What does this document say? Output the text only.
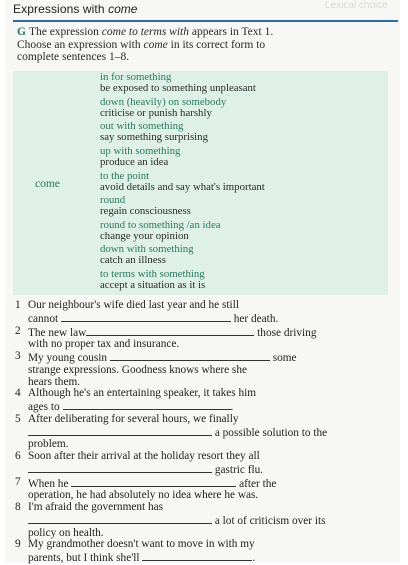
Expressions with come	Lexical choice
G The expression come to terms with appears in Text 1.
Choose an expression with come in its correct form to
complete sentences 1–8.
come
in for something
be exposed to something unpleasant
down (heavily) on somebody
criticise or punish harshly
out with something
say something surprising
up with something
produce an idea
to the point
avoid details and say what's important
round
regain consciousness
round to something /an idea
change your opinion
down with something
catch an illness
to terms with something
accept a situation as it is
1 Our neighbour's wife died last year and he still
cannot	her death.
2 The new law	those driving
with no proper tax and insurance.
3 My young cousin	some
strange expressions. Goodness knows where she
hears them.
4 Although he's an entertaining speaker, it takes him
ages to	.
5 After deliberating for several hours, we finally
a possible solution to the
problem.
6 Soon after their arrival at the holiday resort they all
gastric flu.
7 When he	after the
operation, he had absolutely no idea where he was.
8 I'm afraid the government has
a lot of criticism over its
policy on health.
9 My grandmother doesn't want to move in with my
parents, but I think she'll	.
